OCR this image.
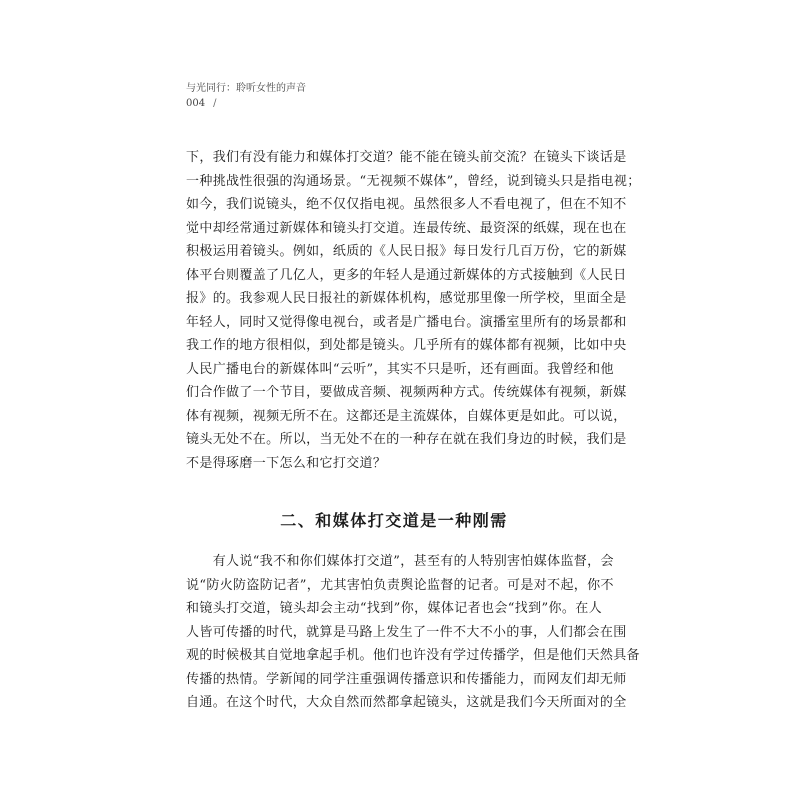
与光同行：聆听女性的声音
004 /
下，我们有没有能力和媒体打交道？能不能在镜头前交流？在镜头下谈话是
一种挑战性很强的沟通场景。“无视频不媒体”，曾经，说到镜头只是指电视；
如今，我们说镜头，绝不仅仅指电视。虽然很多人不看电视了，但在不知不
觉中却经常通过新媒体和镜头打交道。连最传统、最资深的纸媒，现在也在
积极运用着镜头。例如，纸质的《人民日报》每日发行几百万份，它的新媒
体平台则覆盖了几亿人，更多的年轻人是通过新媒体的方式接触到《人民日
报》的。我参观人民日报社的新媒体机构，感觉那里像一所学校，里面全是
年轻人，同时又觉得像电视台，或者是广播电台。演播室里所有的场景都和
我工作的地方很相似，到处都是镜头。几乎所有的媒体都有视频，比如中央
人民广播电台的新媒体叫“云听”，其实不只是听，还有画面。我曾经和他
们合作做了一个节目，要做成音频、视频两种方式。传统媒体有视频，新媒
体有视频，视频无所不在。这都还是主流媒体，自媒体更是如此。可以说，
镜头无处不在。所以，当无处不在的一种存在就在我们身边的时候，我们是
不是得琢磨一下怎么和它打交道？
二、和媒体打交道是一种刚需
　　有人说“我不和你们媒体打交道”，甚至有的人特别害怕媒体监督，会
说“防火防盗防记者”，尤其害怕负责舆论监督的记者。可是对不起，你不
和镜头打交道，镜头却会主动“找到”你，媒体记者也会“找到”你。在人
人皆可传播的时代，就算是马路上发生了一件不大不小的事，人们都会在围
观的时候极其自觉地拿起手机。他们也许没有学过传播学，但是他们天然具备
传播的热情。学新闻的同学注重强调传播意识和传播能力，而网友们却无师
自通。在这个时代，大众自然而然都拿起镜头，这就是我们今天所面对的全
